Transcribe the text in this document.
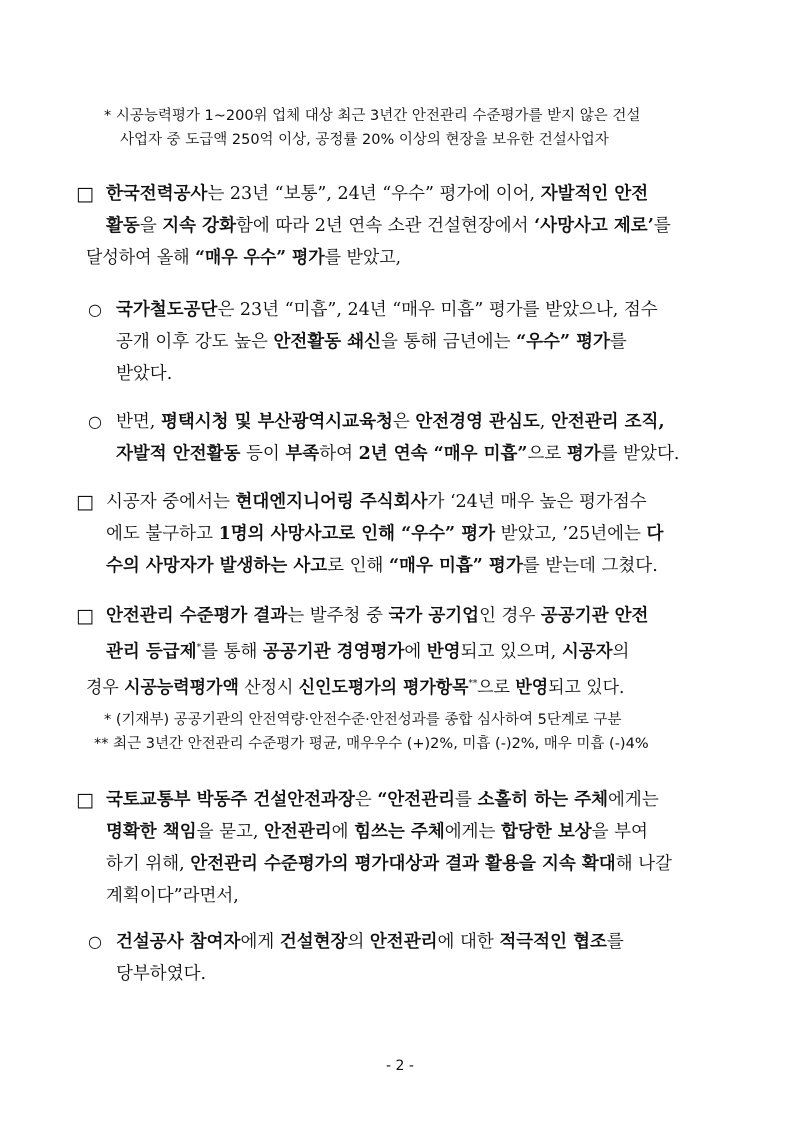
* 시공능력평가 1~200위 업체 대상 최근 3년간 안전관리 수준평가를 받지 않은 건설
사업자 중 도급액 250억 이상, 공정률 20% 이상의 현장을 보유한 건설사업자
□ 한국전력공사는 23년 “보통”, 24년 “우수” 평가에 이어, 자발적인 안전
활동을 지속 강화함에 따라 2년 연속 소관 건설현장에서 ‘사망사고 제로’를
달성하여 올해 “매우 우수” 평가를 받았고,
○ 국가철도공단은 23년 “미흡”, 24년 “매우 미흡” 평가를 받았으나, 점수
공개 이후 강도 높은 안전활동 쇄신을 통해 금년에는 “우수” 평가를
받았다.
○ 반면, 평택시청 및 부산광역시교육청은 안전경영 관심도, 안전관리 조직,
자발적 안전활동 등이 부족하여 2년 연속 “매우 미흡”으로 평가를 받았다.
□ 시공자 중에서는 현대엔지니어링 주식회사가 ‘24년 매우 높은 평가점수
에도 불구하고 1명의 사망사고로 인해 “우수” 평가 받았고, ’25년에는 다
수의 사망자가 발생하는 사고로 인해 “매우 미흡” 평가를 받는데 그쳤다.
□ 안전관리 수준평가 결과는 발주청 중 국가 공기업인 경우 공공기관 안전
관리 등급제*를 통해 공공기관 경영평가에 반영되고 있으며, 시공자의
경우 시공능력평가액 산정시 신인도평가의 평가항목**으로 반영되고 있다.
* (기재부) 공공기관의 안전역량·안전수준·안전성과를 종합 심사하여 5단계로 구분
** 최근 3년간 안전관리 수준평가 평균, 매우우수 (+)2%, 미흡 (-)2%, 매우 미흡 (-)4%
□ 국토교통부 박동주 건설안전과장은 “안전관리를 소홀히 하는 주체에게는
명확한 책임을 묻고, 안전관리에 힘쓰는 주체에게는 합당한 보상을 부여
하기 위해, 안전관리 수준평가의 평가대상과 결과 활용을 지속 확대해 나갈
계획이다”라면서,
○ 건설공사 참여자에게 건설현장의 안전관리에 대한 적극적인 협조를
당부하였다.
- 2 -
